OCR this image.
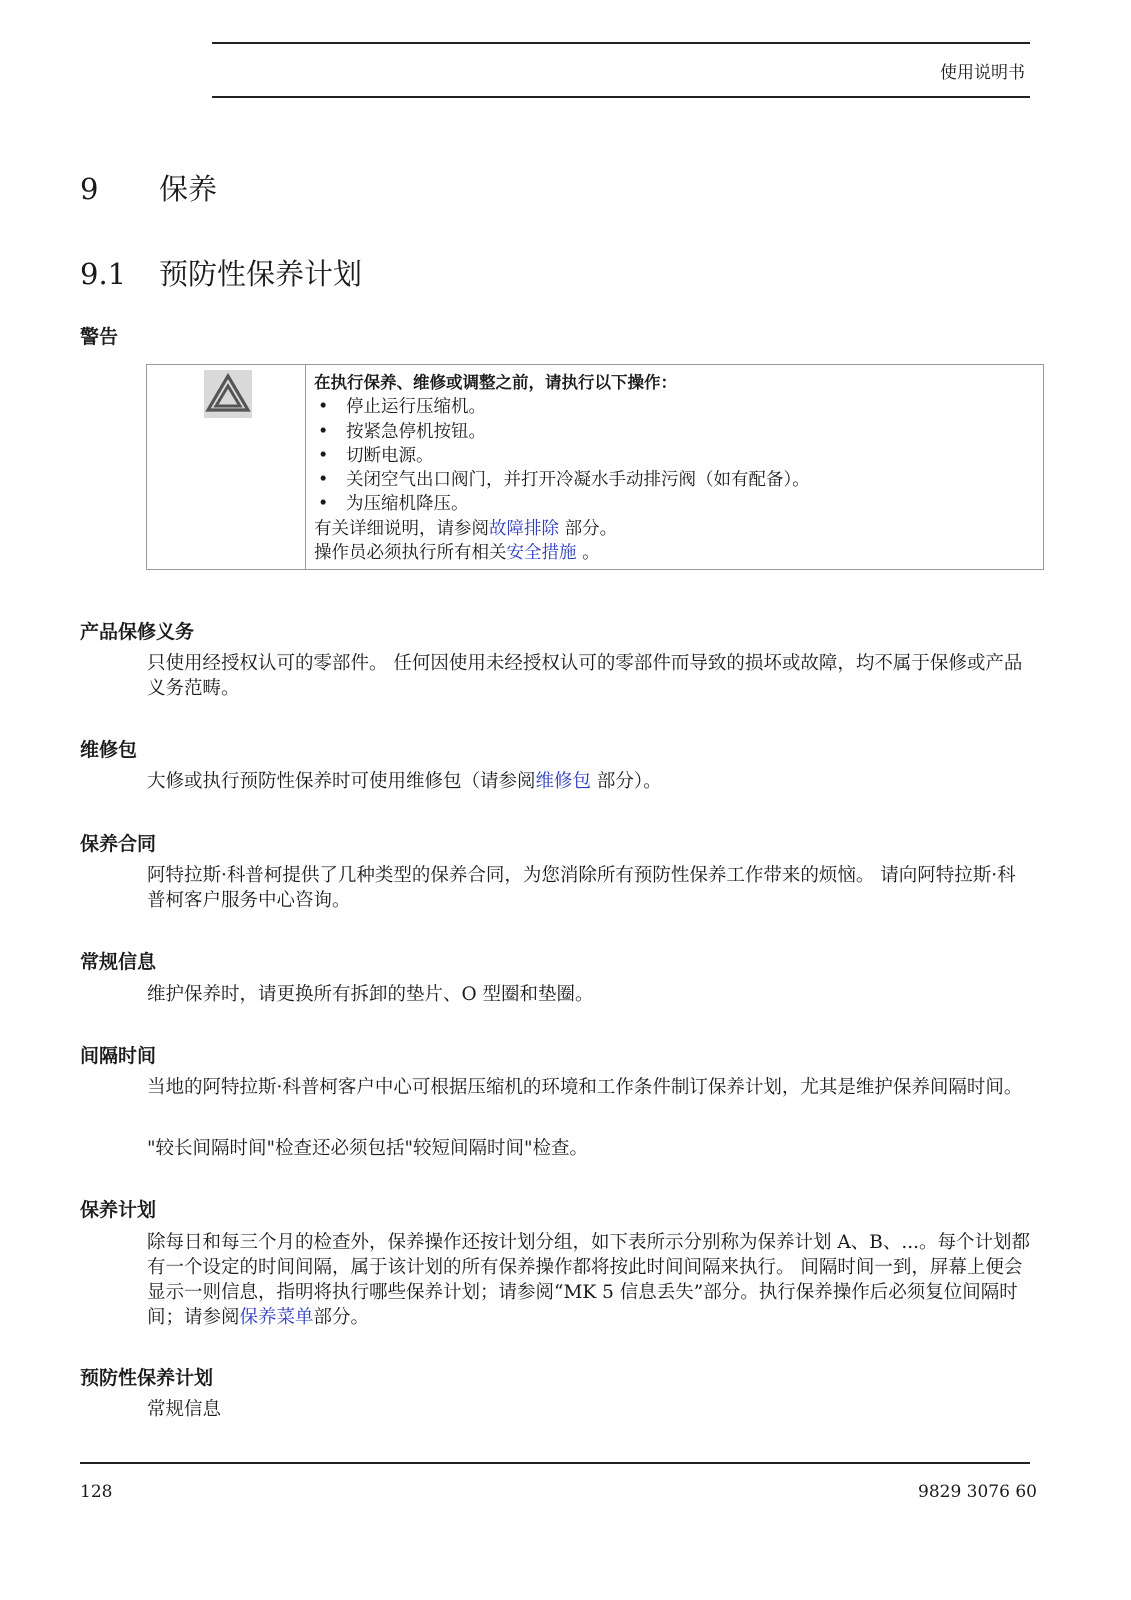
使用说明书
9 保养
9.1 预防性保养计划
警告

在执行保养、维修或调整之前，请执行以下操作：
• 停止运行压缩机。
• 按紧急停机按钮。
• 切断电源。
• 关闭空气出口阀门，并打开冷凝水手动排污阀（如有配备）。
• 为压缩机降压。
有关详细说明，请参阅故障排除 部分。
操作员必须执行所有相关安全措施 。
产品保修义务
只使用经授权认可的零部件。 任何因使用未经授权认可的零部件而导致的损坏或故障，均不属于保修或产品义务范畴。
维修包
大修或执行预防性保养时可使用维修包（请参阅维修包 部分）。
保养合同
阿特拉斯·科普柯提供了几种类型的保养合同，为您消除所有预防性保养工作带来的烦恼。 请向阿特拉斯·科普柯客户服务中心咨询。
常规信息
维护保养时，请更换所有拆卸的垫片、O 型圈和垫圈。
间隔时间
当地的阿特拉斯·科普柯客户中心可根据压缩机的环境和工作条件制订保养计划，尤其是维护保养间隔时间。
"较长间隔时间"检查还必须包括"较短间隔时间"检查。
保养计划
除每日和每三个月的检查外，保养操作还按计划分组，如下表所示分别称为保养计划 A、B、...。每个计划都有一个设定的时间间隔，属于该计划的所有保养操作都将按此时间间隔来执行。 间隔时间一到，屏幕上便会显示一则信息，指明将执行哪些保养计划；请参阅“MK 5 信息丢失”部分。执行保养操作后必须复位间隔时间；请参阅保养菜单部分。
预防性保养计划
常规信息
128	9829 3076 60
